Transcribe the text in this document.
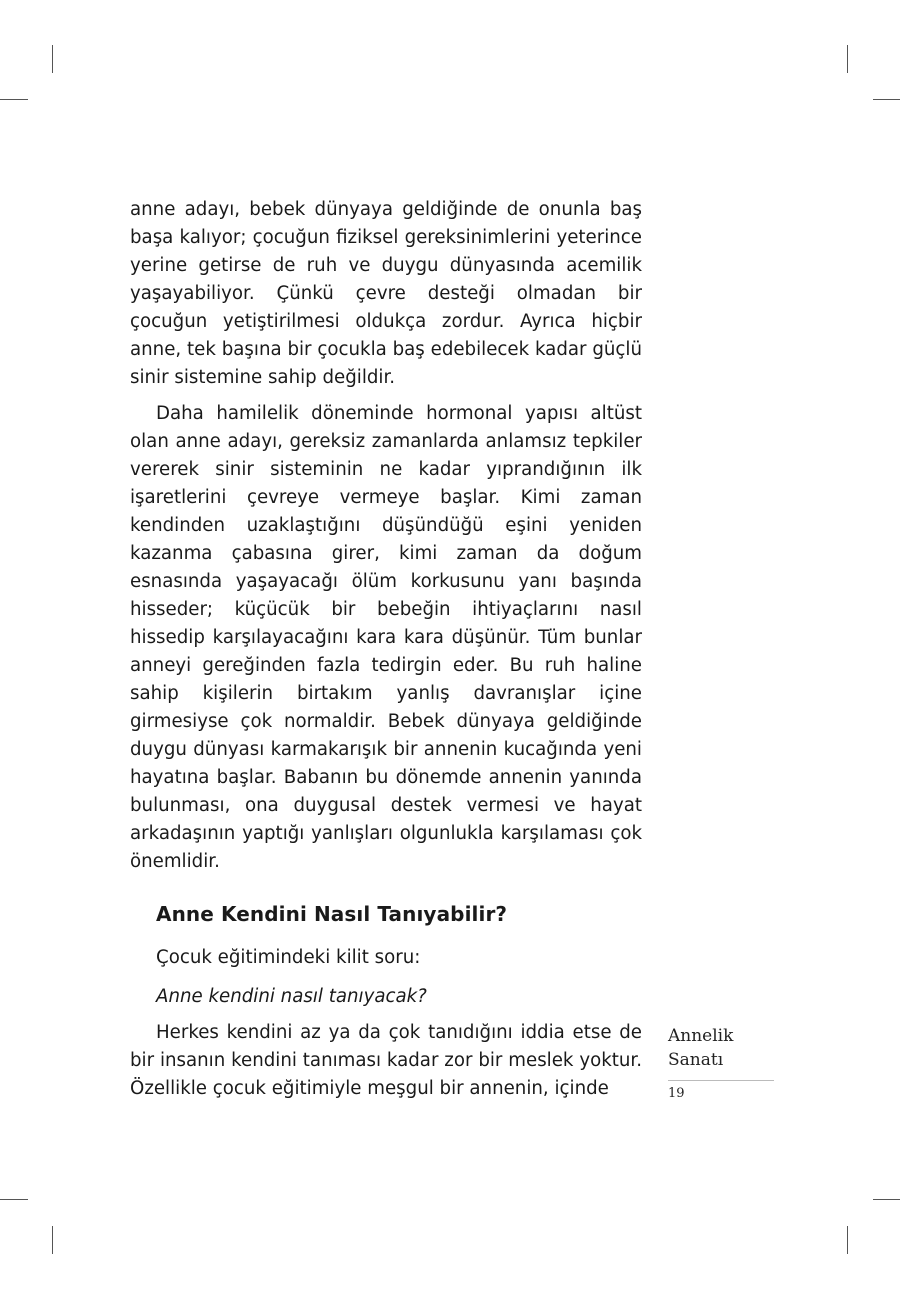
anne adayı, bebek dünyaya geldiğinde de onunla baş başa kalıyor; çocuğun fiziksel gereksinimlerini yeterince yerine getirse de ruh ve duygu dünyasında acemilik yaşayabiliyor. Çünkü çevre desteği olmadan bir çocuğun yetiştirilmesi oldukça zordur. Ayrıca hiçbir anne, tek başına bir çocukla baş edebilecek kadar güçlü sinir sistemine sahip değildir.

Daha hamilelik döneminde hormonal yapısı altüst olan anne adayı, gereksiz zamanlarda anlamsız tepkiler vererek sinir sisteminin ne kadar yıprandığının ilk işaretlerini çevreye vermeye başlar. Kimi zaman kendinden uzaklaştığını düşündüğü eşini yeniden kazanma çabasına girer, kimi zaman da doğum esnasında yaşayacağı ölüm korkusunu yanı başında hisseder; küçücük bir bebeğin ihtiyaçlarını nasıl hissedip karşılayacağını kara kara düşünür. Tüm bunlar anneyi gereğinden fazla tedirgin eder. Bu ruh haline sahip kişilerin birtakım yanlış davranışlar içine girmesiyse çok normaldir. Bebek dünyaya geldiğinde duygu dünyası karmakarışık bir annenin kucağında yeni hayatına başlar. Babanın bu dönemde annenin yanında bulunması, ona duygusal destek vermesi ve hayat arkadaşının yaptığı yanlışları olgunlukla karşılaması çok önemlidir.

Anne Kendini Nasıl Tanıyabilir?

Çocuk eğitimindeki kilit soru:

Anne kendini nasıl tanıyacak?

Herkes kendini az ya da çok tanıdığını iddia etse de bir insanın kendini tanıması kadar zor bir meslek yoktur. Özellikle çocuk eğitimiyle meşgul bir annenin, içinde

Annelik
Sanatı
19
